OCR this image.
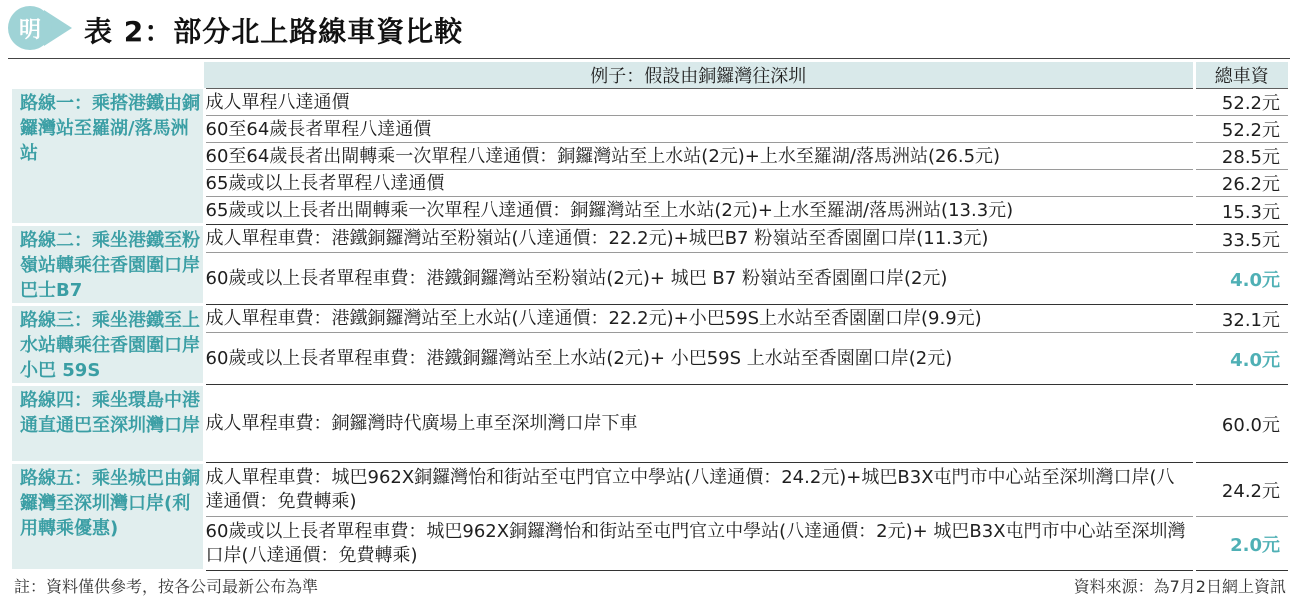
明	表 2：部分北上路線車資比較
	例子：假設由銅鑼灣往深圳	總車資

路線一：乘搭港鐵由銅鑼灣站至羅湖/落馬洲站	成人單程八達通價	52.2元
	60至64歲長者單程八達通價	52.2元
	60至64歲長者出閘轉乘一次單程八達通價：銅鑼灣站至上水站(2元)+上水至羅湖/落馬洲站(26.5元)	28.5元
	65歲或以上長者單程八達通價	26.2元
	65歲或以上長者出閘轉乘一次單程八達通價：銅鑼灣站至上水站(2元)+上水至羅湖/落馬洲站(13.3元)	15.3元

路線二：乘坐港鐵至粉嶺站轉乘往香園圍口岸巴士B7	成人單程車費：港鐵銅鑼灣站至粉嶺站(八達通價：22.2元)+城巴B7 粉嶺站至香園圍口岸(11.3元)	33.5元
	60歲或以上長者單程車費：港鐵銅鑼灣站至粉嶺站(2元)+ 城巴 B7 粉嶺站至香園圍口岸(2元)	4.0元

路線三：乘坐港鐵至上水站轉乘往香園圍口岸小巴 59S	成人單程車費：港鐵銅鑼灣站至上水站(八達通價：22.2元)+小巴59S上水站至香園圍口岸(9.9元)	32.1元
	60歲或以上長者單程車費：港鐵銅鑼灣站至上水站(2元)+ 小巴59S 上水站至香園圍口岸(2元)	4.0元

路線四：乘坐環島中港通直通巴至深圳灣口岸	成人單程車費：銅鑼灣時代廣場上車至深圳灣口岸下車	60.0元

路線五：乘坐城巴由銅鑼灣至深圳灣口岸(利用轉乘優惠)	成人單程車費：城巴962X銅鑼灣怡和街站至屯門官立中學站(八達通價：24.2元)+城巴B3X屯門市中心站至深圳灣口岸(八達通價：免費轉乘)	24.2元
	60歲或以上長者單程車費：城巴962X銅鑼灣怡和街站至屯門官立中學站(八達通價：2元)+ 城巴B3X屯門市中心站至深圳灣口岸(八達通價：免費轉乘)	2.0元
註：資料僅供參考，按各公司最新公布為準	資料來源：為7月2日網上資訊
